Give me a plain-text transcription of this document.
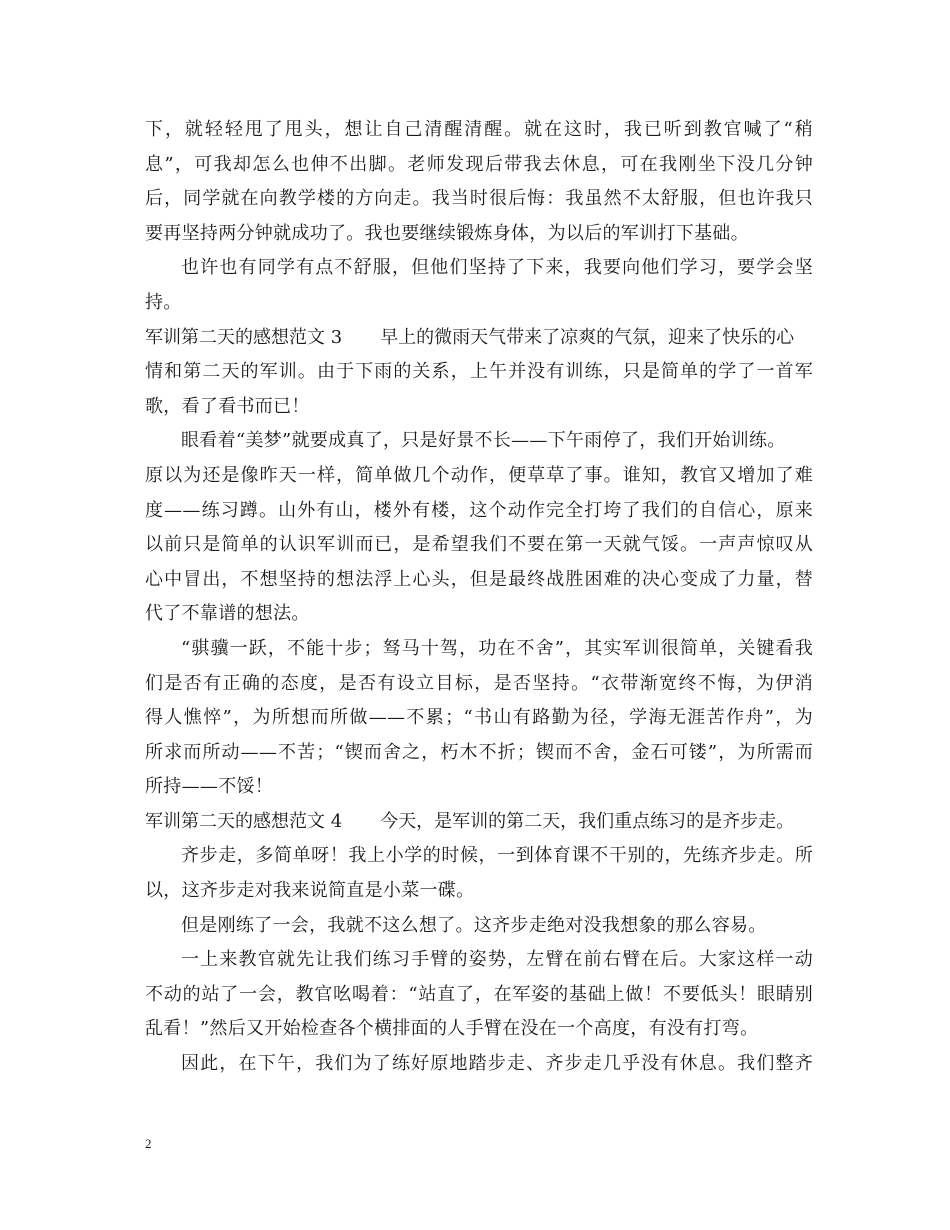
下，就轻轻甩了甩头，想让自己清醒清醒。就在这时，我已听到教官喊了“稍
息”，可我却怎么也伸不出脚。老师发现后带我去休息，可在我刚坐下没几分钟
后，同学就在向教学楼的方向走。我当时很后悔：我虽然不太舒服，但也许我只
要再坚持两分钟就成功了。我也要继续锻炼身体，为以后的军训打下基础。
也许也有同学有点不舒服，但他们坚持了下来，我要向他们学习，要学会坚
持。
军训第二天的感想范文 3 早上的微雨天气带来了凉爽的气氛，迎来了快乐的心
情和第二天的军训。由于下雨的关系，上午并没有训练，只是简单的学了一首军
歌，看了看书而已！
眼看着“美梦”就要成真了，只是好景不长——下午雨停了，我们开始训练。
原以为还是像昨天一样，简单做几个动作，便草草了事。谁知，教官又增加了难
度——练习蹲。山外有山，楼外有楼，这个动作完全打垮了我们的自信心，原来
以前只是简单的认识军训而已，是希望我们不要在第一天就气馁。一声声惊叹从
心中冒出，不想坚持的想法浮上心头，但是最终战胜困难的决心变成了力量，替
代了不靠谱的想法。
“骐骥一跃，不能十步；驽马十驾，功在不舍”，其实军训很简单，关键看我
们是否有正确的态度，是否有设立目标，是否坚持。“衣带渐宽终不悔，为伊消
得人憔悴”，为所想而所做——不累；“书山有路勤为径，学海无涯苦作舟”，为
所求而所动——不苦；“锲而舍之，朽木不折；锲而不舍，金石可镂”，为所需而
所持——不馁！
军训第二天的感想范文 4 今天，是军训的第二天，我们重点练习的是齐步走。
齐步走，多简单呀！我上小学的时候，一到体育课不干别的，先练齐步走。所
以，这齐步走对我来说简直是小菜一碟。
但是刚练了一会，我就不这么想了。这齐步走绝对没我想象的那么容易。
一上来教官就先让我们练习手臂的姿势，左臂在前右臂在后。大家这样一动
不动的站了一会，教官吆喝着：“站直了，在军姿的基础上做！不要低头！眼睛别
乱看！”然后又开始检查各个横排面的人手臂在没在一个高度，有没有打弯。
因此，在下午，我们为了练好原地踏步走、齐步走几乎没有休息。我们整齐
2
